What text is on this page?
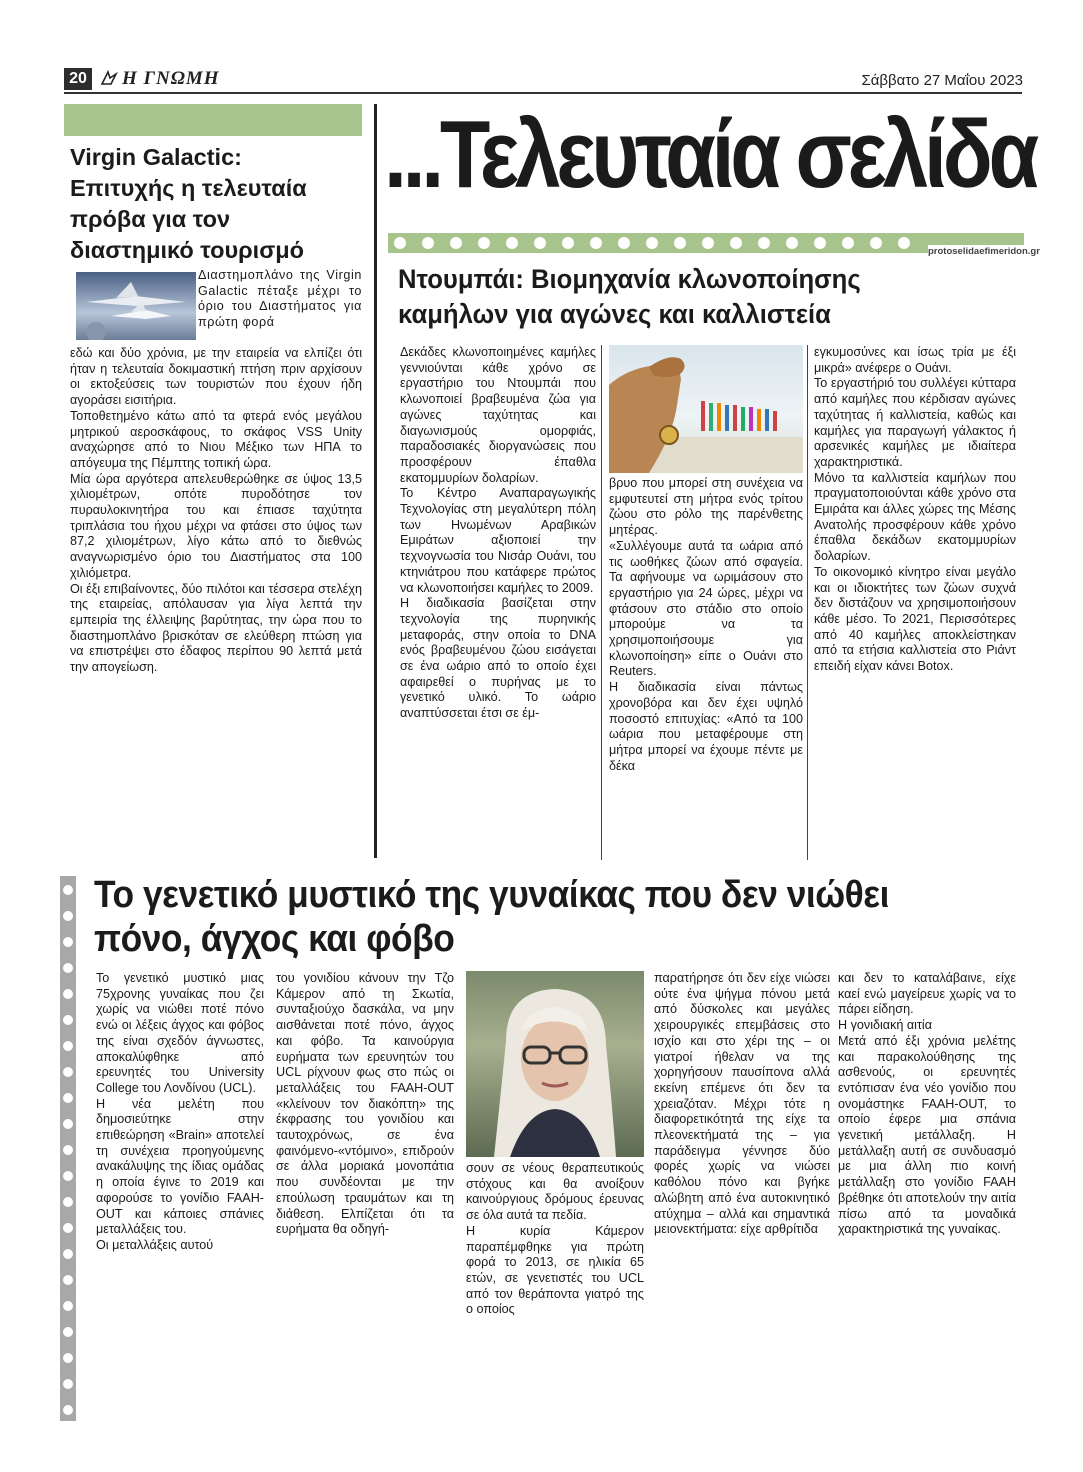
20	Η ΓΝΩΜΗ	Σάββατο 27 Μαΐου 2023
Virgin Galactic:
Επιτυχής η τελευταία
πρόβα για τον
διαστημικό τουρισμό
Διαστημοπλάνο της Virgin Galactic πέταξε μέχρι το όριο του Διαστήματος για πρώτη φορά
εδώ και δύο χρόνια, με την εταιρεία να ελπίζει ότι ήταν η τελευταία δοκιμαστική πτήση πριν αρχίσουν οι εκτοξεύσεις των τουριστών που έχουν ήδη αγοράσει εισιτήρια.
Τοποθετημένο κάτω από τα φτερά ενός μεγάλου μητρικού αεροσκάφους, το σκάφος VSS Unity αναχώρησε από το Νιου Μέξικο των ΗΠΑ το απόγευμα της Πέμπτης τοπική ώρα.
Μία ώρα αργότερα απελευθερώθηκε σε ύψος 13,5 χιλιομέτρων, οπότε πυροδότησε τον πυραυλοκινητήρα του και έπιασε ταχύτητα τριπλάσια του ήχου μέχρι να φτάσει στο ύψος των 87,2 χιλιομέτρων, λίγο κάτω από το διεθνώς αναγνωρισμένο όριο του Διαστήματος στα 100 χιλιόμετρα.
Οι έξι επιβαίνοντες, δύο πιλότοι και τέσσερα στελέχη της εταιρείας, απόλαυσαν για λίγα λεπτά την εμπειρία της έλλειψης βαρύτητας, την ώρα που το διαστημοπλάνο βρισκόταν σε ελεύθερη πτώση για να επιστρέψει στο έδαφος περίπου 90 λεπτά μετά την απογείωση.
...Τελευταία σελίδα
protoselidaefimeridon.gr
Ντουμπάι: Βιομηχανία κλωνοποίησης
καμήλων για αγώνες και καλλιστεία
Δεκάδες κλωνοποιημένες καμήλες γεννιούνται κάθε χρόνο σε εργαστήριο του Ντουμπάι που κλωνοποιεί βραβευμένα ζώα για αγώνες ταχύτητας και διαγωνισμούς ομορφιάς, παραδοσιακές διοργανώσεις που προσφέρουν έπαθλα εκατομμυρίων δολαρίων.
Το Κέντρο Αναπαραγωγικής Τεχνολογίας στη μεγαλύτερη πόλη των Ηνωμένων Αραβικών Εμιράτων αξιοποιεί την τεχνογνωσία του Νισάρ Ουάνι, του κτηνιάτρου που κατάφερε πρώτος να κλωνοποιήσει καμήλες το 2009.
Η διαδικασία βασίζεται στην τεχνολογία της πυρηνικής μεταφοράς, στην οποία το DNA ενός βραβευμένου ζώου εισάγεται σε ένα ωάριο από το οποίο έχει αφαιρεθεί ο πυρήνας με το γενετικό υλικό. Το ωάριο αναπτύσσεται έτσι σε έμ-
βρυο που μπορεί στη συνέχεια να εμφυτευτεί στη μήτρα ενός τρίτου ζώου στο ρόλο της παρένθετης μητέρας.
«Συλλέγουμε αυτά τα ωάρια από τις ωοθήκες ζώων από σφαγεία. Τα αφήνουμε να ωριμάσουν στο εργαστήριο για 24 ώρες, μέχρι να φτάσουν στο στάδιο στο οποίο μπορούμε να τα χρησιμοποιήσουμε για κλωνοποίηση» είπε ο Ουάνι στο Reuters.
Η διαδικασία είναι πάντως χρονοβόρα και δεν έχει υψηλό ποσοστό επιτυχίας: «Από τα 100 ωάρια που μεταφέρουμε στη μήτρα μπορεί να έχουμε πέντε με δέκα
εγκυμοσύνες και ίσως τρία με έξι μικρά» ανέφερε ο Ουάνι.
Το εργαστήριό του συλλέγει κύτταρα από καμήλες που κέρδισαν αγώνες ταχύτητας ή καλλιστεία, καθώς και καμήλες για παραγωγή γάλακτος ή αρσενικές καμήλες με ιδιαίτερα χαρακτηριστικά.
Μόνο τα καλλιστεία καμήλων που πραγματοποιούνται κάθε χρόνο στα Εμιράτα και άλλες χώρες της Μέσης Ανατολής προσφέρουν κάθε χρόνο έπαθλα δεκάδων εκατομμυρίων δολαρίων.
Το οικονομικό κίνητρο είναι μεγάλο και οι ιδιοκτήτες των ζώων συχνά δεν διστάζουν να χρησιμοποιήσουν κάθε μέσο. Το 2021, Περισσότερες από 40 καμήλες αποκλείστηκαν από τα ετήσια καλλιστεία στο Ριάντ επειδή είχαν κάνει Botox.
Το γενετικό μυστικό της γυναίκας που δεν νιώθει
πόνο, άγχος και φόβο
Το γενετικό μυστικό μιας 75χρονης γυναίκας που ζει χωρίς να νιώθει ποτέ πόνο ενώ οι λέξεις άγχος και φόβος της είναι σχεδόν άγνωστες, αποκαλύφθηκε από ερευνητές του University College του Λονδίνου (UCL).
Η νέα μελέτη που δημοσιεύτηκε στην επιθεώρηση «Brain» αποτελεί τη συνέχεια προηγούμενης ανακάλυψης της ίδιας ομάδας η οποία έγινε το 2019 και αφορούσε το γονίδιο FAAH-OUT και κάποιες σπάνιες μεταλλάξεις του.
Οι μεταλλάξεις αυτού
του γονιδίου κάνουν την Τζο Κάμερον από τη Σκωτία, συνταξιούχο δασκάλα, να μην αισθάνεται ποτέ πόνο, άγχος και φόβο. Τα καινούργια ευρήματα των ερευνητών του UCL ρίχνουν φως στο πώς οι μεταλλάξεις του FAAH-OUT «κλείνουν τον διακόπτη» της έκφρασης του γονιδίου και ταυτοχρόνως, σε ένα φαινόμενο-«ντόμινο», επιδρούν σε άλλα μοριακά μονοπάτια που συνδέονται με την επούλωση τραυμάτων και τη διάθεση. Ελπίζεται ότι τα ευρήματα θα οδηγή-
σουν σε νέους θεραπευτικούς στόχους και θα ανοίξουν καινούργιους δρόμους έρευνας σε όλα αυτά τα πεδία.
Η κυρία Κάμερον παραπέμφθηκε για πρώτη φορά το 2013, σε ηλικία 65 ετών, σε γενετιστές του UCL από τον θεράποντα γιατρό της ο οποίος
παρατήρησε ότι δεν είχε νιώσει ούτε ένα ψήγμα πόνου μετά από δύσκολες και μεγάλες χειρουργικές επεμβάσεις στο ισχίο και στο χέρι της – οι γιατροί ήθελαν να της χορηγήσουν παυσίπονα αλλά εκείνη επέμενε ότι δεν τα χρειαζόταν. Μέχρι τότε η διαφορετικότητά της είχε τα πλεονεκτήματά της – για παράδειγμα γέννησε δύο φορές χωρίς να νιώσει καθόλου πόνο και βγήκε αλώβητη από ένα αυτοκινητικό ατύχημα – αλλά και σημαντικά μειονεκτήματα: είχε αρθρίτιδα
και δεν το καταλάβαινε, είχε καεί ενώ μαγείρευε χωρίς να το πάρει είδηση.
Η γονιδιακή αιτία
Μετά από έξι χρόνια μελέτης και παρακολούθησης της ασθενούς, οι ερευνητές εντόπισαν ένα νέο γονίδιο που ονομάστηκε FAAH-OUT, το οποίο έφερε μια σπάνια γενετική μετάλλαξη. Η μετάλλαξη αυτή σε συνδυασμό με μια άλλη πιο κοινή μετάλλαξη στο γονίδιο FAAH βρέθηκε ότι αποτελούν την αιτία πίσω από τα μοναδικά χαρακτηριστικά της γυναίκας.
